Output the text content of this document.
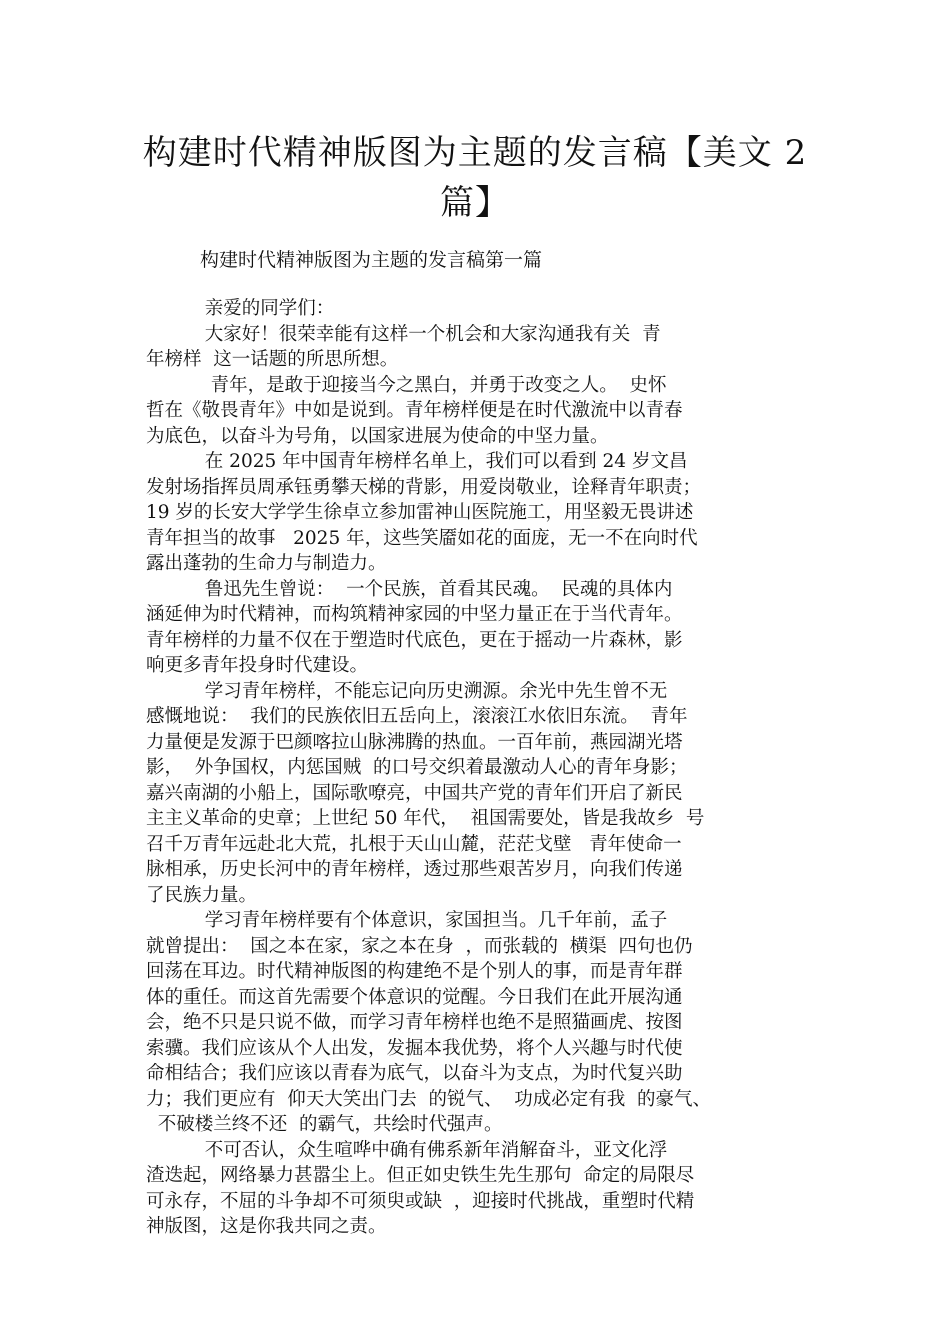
构建时代精神版图为主题的发言稿【美文 2
篇】

构建时代精神版图为主题的发言稿第一篇

亲爱的同学们：
大家好！很荣幸能有这样一个机会和大家沟通我有关  青
年榜样  这一话题的所思所想。
青年，是敢于迎接当今之黑白，并勇于改变之人。  史怀
哲在《敬畏青年》中如是说到。青年榜样便是在时代激流中以青春
为底色，以奋斗为号角，以国家进展为使命的中坚力量。
在 2025 年中国青年榜样名单上，我们可以看到 24 岁文昌
发射场指挥员周承钰勇攀天梯的背影，用爱岗敬业，诠释青年职责；
19 岁的长安大学学生徐卓立参加雷神山医院施工，用坚毅无畏讲述
青年担当的故事   2025 年，这些笑靥如花的面庞，无一不在向时代
露出蓬勃的生命力与制造力。
鲁迅先生曾说：  一个民族，首看其民魂。  民魂的具体内
涵延伸为时代精神，而构筑精神家园的中坚力量正在于当代青年。
青年榜样的力量不仅在于塑造时代底色，更在于摇动一片森林，影
响更多青年投身时代建设。
学习青年榜样，不能忘记向历史溯源。余光中先生曾不无
感慨地说：  我们的民族依旧五岳向上，滚滚江水依旧东流。  青年
力量便是发源于巴颜喀拉山脉沸腾的热血。一百年前，燕园湖光塔
影，  外争国权，内惩国贼  的口号交织着最激动人心的青年身影；
嘉兴南湖的小船上，国际歌嘹亮，中国共产党的青年们开启了新民
主主义革命的史章；上世纪 50 年代，  祖国需要处，皆是我故乡  号
召千万青年远赴北大荒，扎根于天山山麓，茫茫戈壁   青年使命一
脉相承，历史长河中的青年榜样，透过那些艰苦岁月，向我们传递
了民族力量。
学习青年榜样要有个体意识，家国担当。几千年前，孟子
就曾提出：  国之本在家，家之本在身  ，而张载的  横渠  四句也仍
回荡在耳边。时代精神版图的构建绝不是个别人的事，而是青年群
体的重任。而这首先需要个体意识的觉醒。今日我们在此开展沟通
会，绝不只是只说不做，而学习青年榜样也绝不是照猫画虎、按图
索骥。我们应该从个人出发，发掘本我优势，将个人兴趣与时代使
命相结合；我们应该以青春为底气，以奋斗为支点，为时代复兴助
力；我们更应有  仰天大笑出门去  的锐气、  功成必定有我  的豪气、
不破楼兰终不还  的霸气，共绘时代强声。
不可否认，众生喧哗中确有佛系新年消解奋斗，亚文化浮
渣迭起，网络暴力甚嚣尘上。但正如史铁生先生那句  命定的局限尽
可永存，不屈的斗争却不可须臾或缺  ，迎接时代挑战，重塑时代精
神版图，这是你我共同之责。
